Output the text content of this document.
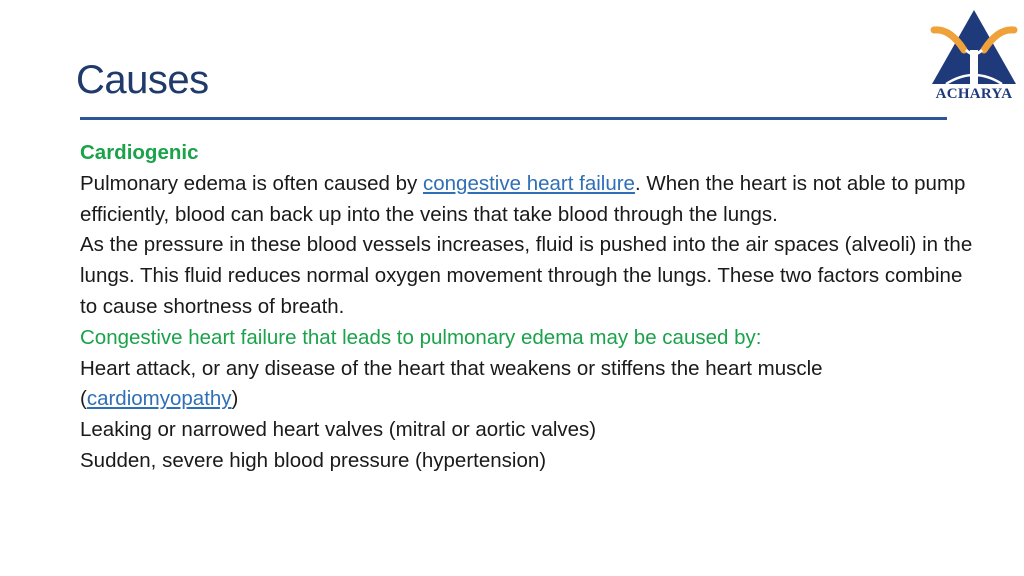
Causes	ACHARYA

Cardiogenic

Pulmonary edema is often caused by congestive heart failure. When the heart is not able to pump efficiently, blood can back up into the veins that take blood through the lungs.

As the pressure in these blood vessels increases, fluid is pushed into the air spaces (alveoli) in the lungs. This fluid reduces normal oxygen movement through the lungs. These two factors combine to cause shortness of breath.

Congestive heart failure that leads to pulmonary edema may be caused by:

Heart attack, or any disease of the heart that weakens or stiffens the heart muscle (cardiomyopathy)

Leaking or narrowed heart valves (mitral or aortic valves)

Sudden, severe high blood pressure (hypertension)
